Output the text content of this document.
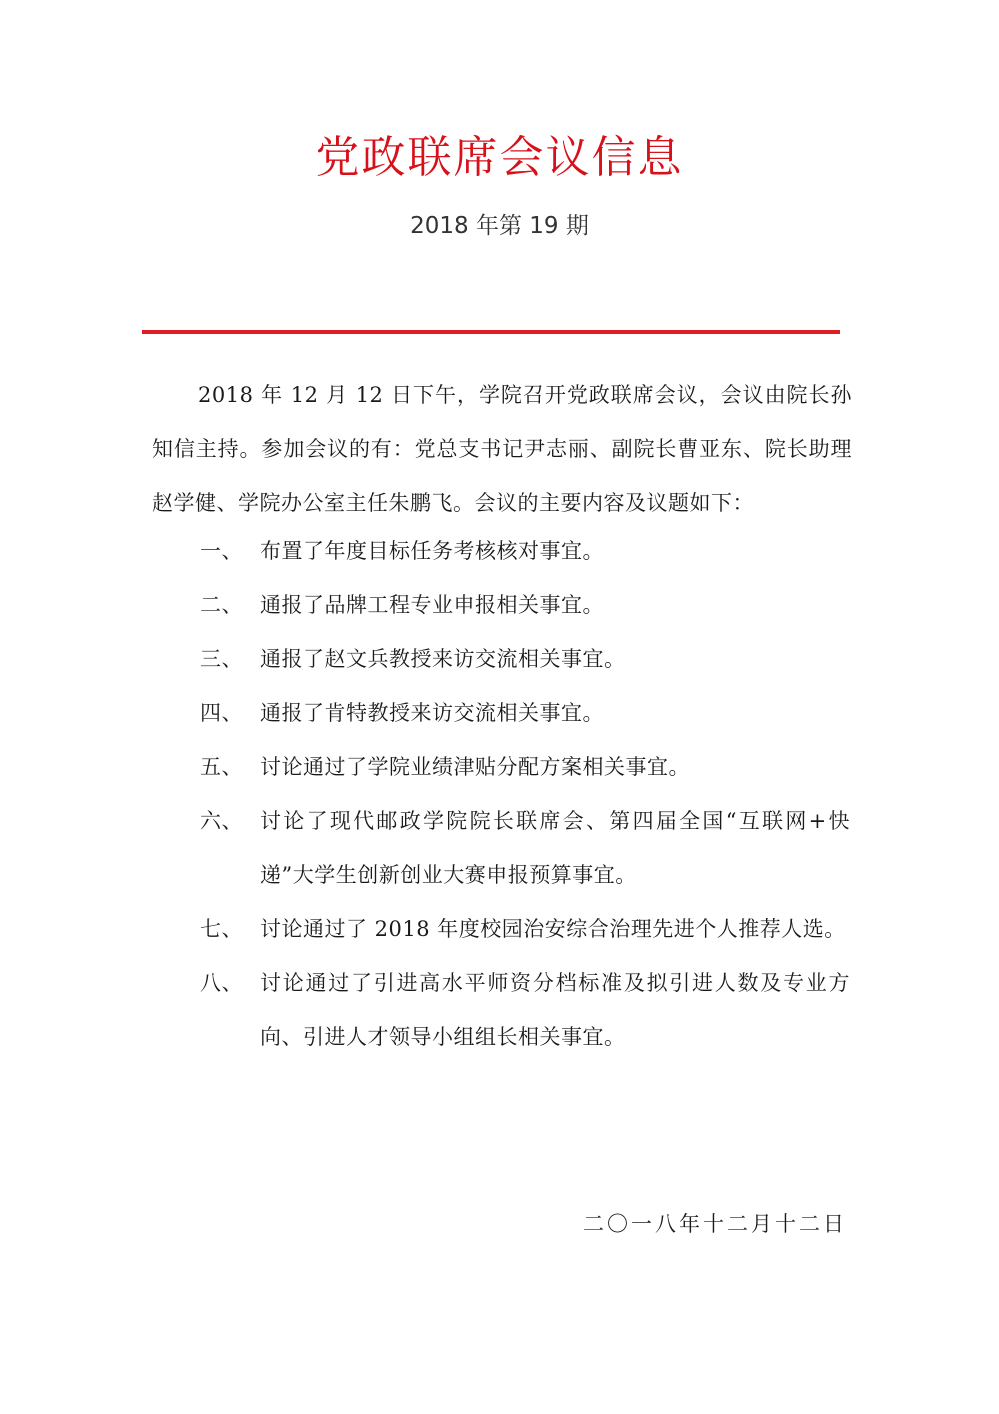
党政联席会议信息
2018 年第 19 期

2018 年 12 月 12 日下午，学院召开党政联席会议，会议由院长孙知信主持。参加会议的有：党总支书记尹志丽、副院长曹亚东、院长助理赵学健、学院办公室主任朱鹏飞。会议的主要内容及议题如下：

一、 布置了年度目标任务考核核对事宜。
二、 通报了品牌工程专业申报相关事宜。
三、 通报了赵文兵教授来访交流相关事宜。
四、 通报了肯特教授来访交流相关事宜。
五、 讨论通过了学院业绩津贴分配方案相关事宜。
六、 讨论了现代邮政学院院长联席会、第四届全国“互联网+快递”大学生创新创业大赛申报预算事宜。
七、 讨论通过了 2018 年度校园治安综合治理先进个人推荐人选。
八、 讨论通过了引进高水平师资分档标准及拟引进人数及专业方向、引进人才领导小组组长相关事宜。
二〇一八年十二月十二日
